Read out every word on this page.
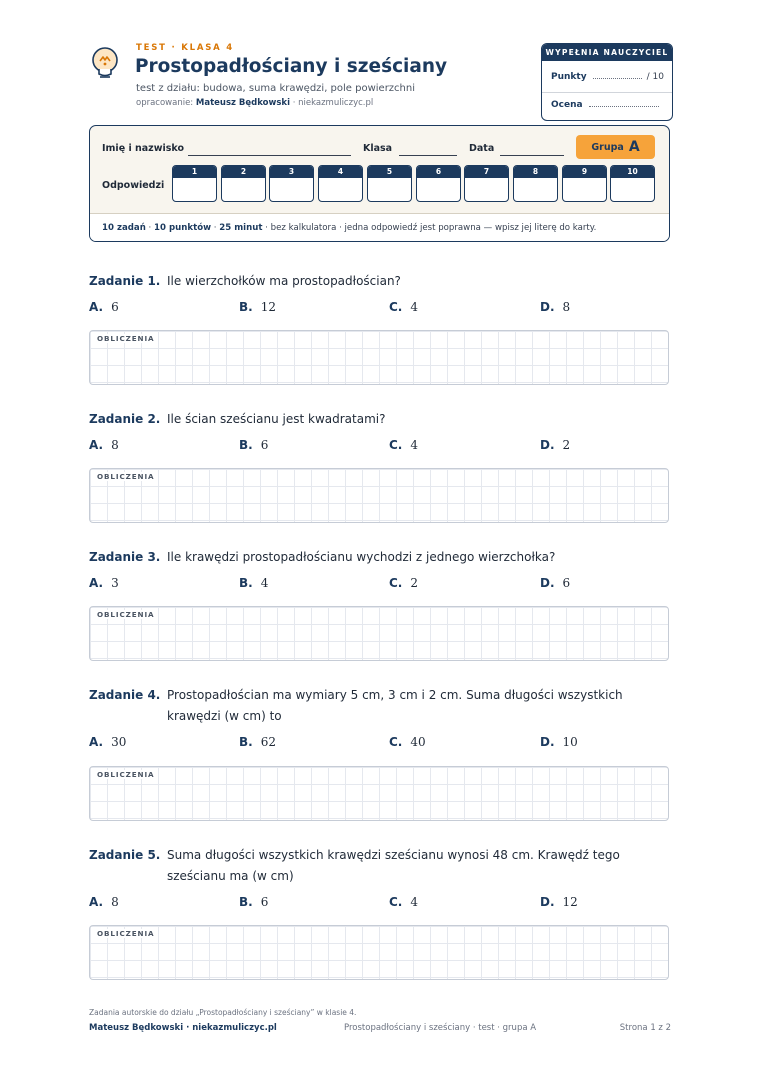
TEST · KLASA 4
Prostopadłościany i sześciany
test z działu: budowa, suma krawędzi, pole powierzchni
opracowanie: Mateusz Będkowski · niekazmuliczyc.pl
WYPEŁNIA NAUCZYCIEL
Punkty	/ 10
Ocena
Imię i nazwisko	Klasa	Data	Grupa A
Odpowiedzi
1	2	3	4	5	6	7	8	9	10
10 zadań · 10 punktów · 25 minut · bez kalkulatora · jedna odpowiedź jest poprawna — wpisz jej literę do karty.
Zadanie 1. Ile wierzchołków ma prostopadłościan?
A. 6	B. 12	C. 4	D. 8
OBLICZENIA
Zadanie 2. Ile ścian sześcianu jest kwadratami?
A. 8	B. 6	C. 4	D. 2
OBLICZENIA
Zadanie 3. Ile krawędzi prostopadłościanu wychodzi z jednego wierzchołka?
A. 3	B. 4	C. 2	D. 6
OBLICZENIA
Zadanie 4. Prostopadłościan ma wymiary 5 cm, 3 cm i 2 cm. Suma długości wszystkich krawędzi (w cm) to
A. 30	B. 62	C. 40	D. 10
OBLICZENIA
Zadanie 5. Suma długości wszystkich krawędzi sześcianu wynosi 48 cm. Krawędź tego sześcianu ma (w cm)
A. 8	B. 6	C. 4	D. 12
OBLICZENIA
Zadania autorskie do działu „Prostopadłościany i sześciany” w klasie 4.
Mateusz Będkowski · niekazmuliczyc.pl	Prostopadłościany i sześciany · test · grupa A	Strona 1 z 2
